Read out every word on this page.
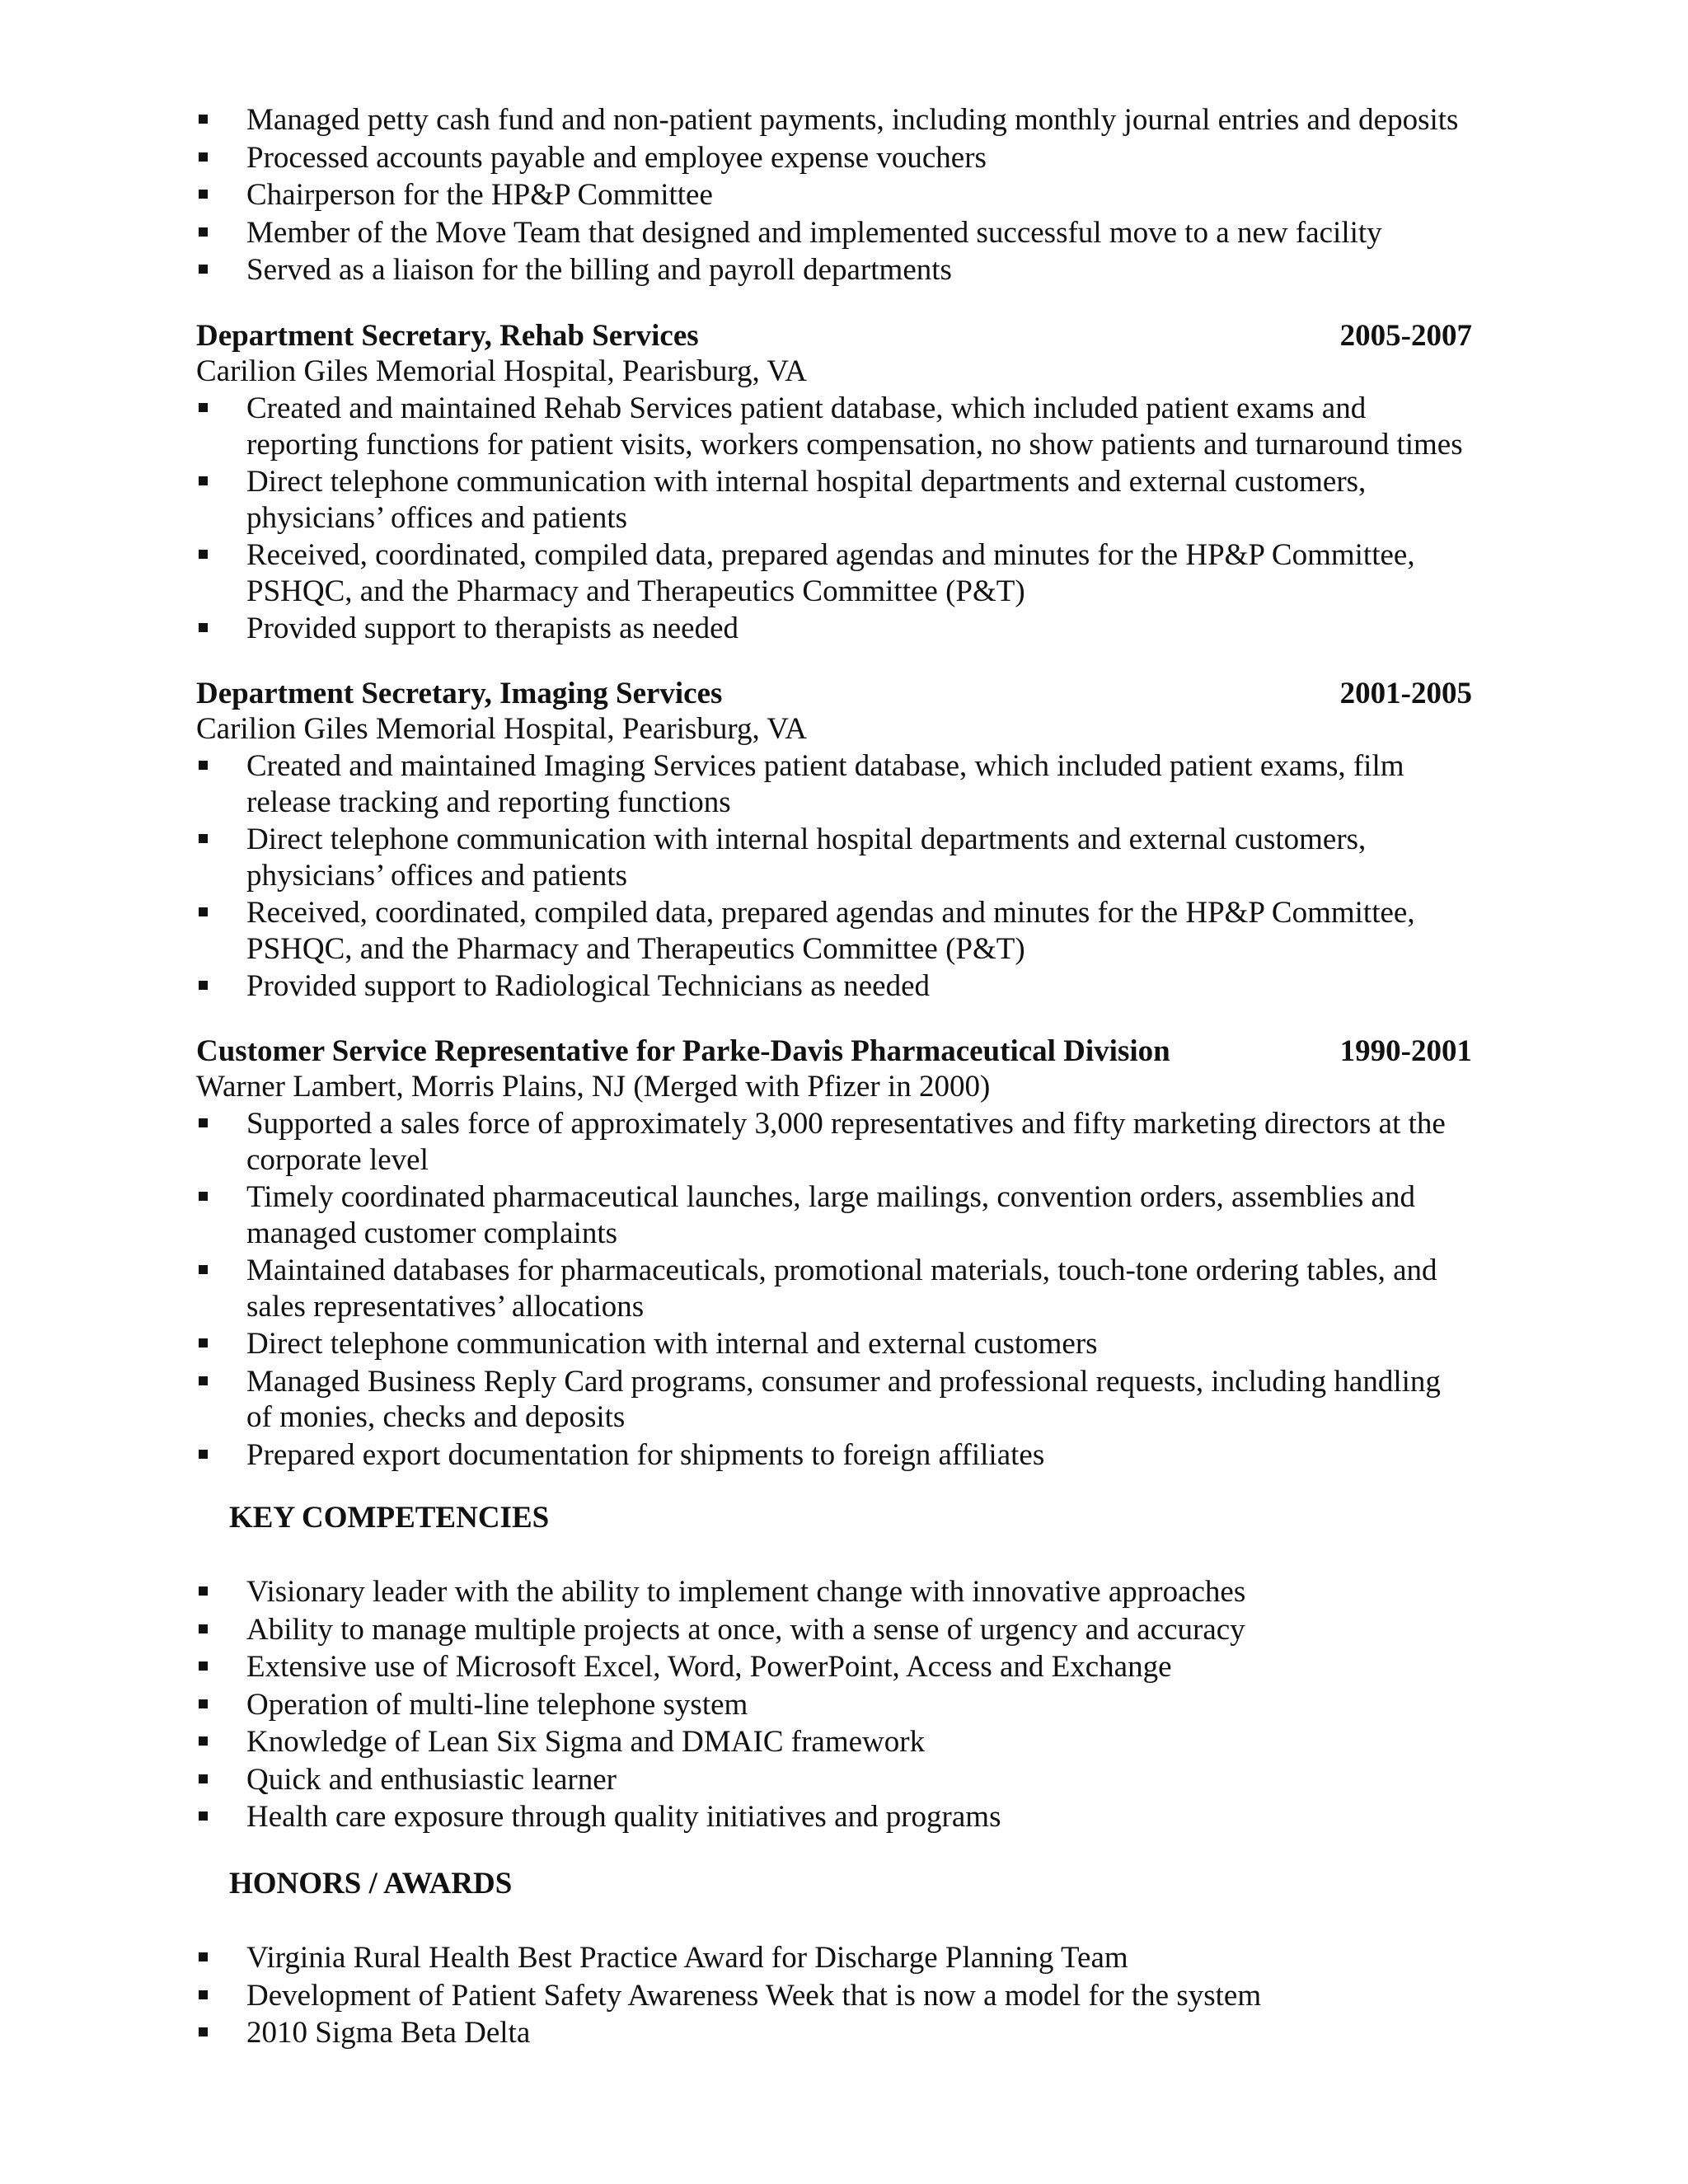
Managed petty cash fund and non-patient payments, including monthly journal entries and deposits
Processed accounts payable and employee expense vouchers
Chairperson for the HP&P Committee
Member of the Move Team that designed and implemented successful move to a new facility
Served as a liaison for the billing and payroll departments
Department Secretary, Rehab Services	2005-2007
Carilion Giles Memorial Hospital, Pearisburg, VA
Created and maintained Rehab Services patient database, which included patient exams and reporting functions for patient visits, workers compensation, no show patients and turnaround times
Direct telephone communication with internal hospital departments and external customers, physicians’ offices and patients
Received, coordinated, compiled data, prepared agendas and minutes for the HP&P Committee, PSHQC, and the Pharmacy and Therapeutics Committee (P&T)
Provided support to therapists as needed
Department Secretary, Imaging Services	2001-2005
Carilion Giles Memorial Hospital, Pearisburg, VA
Created and maintained Imaging Services patient database, which included patient exams, film release tracking and reporting functions
Direct telephone communication with internal hospital departments and external customers, physicians’ offices and patients
Received, coordinated, compiled data, prepared agendas and minutes for the HP&P Committee, PSHQC, and the Pharmacy and Therapeutics Committee (P&T)
Provided support to Radiological Technicians as needed
Customer Service Representative for Parke-Davis Pharmaceutical Division	1990-2001
Warner Lambert, Morris Plains, NJ (Merged with Pfizer in 2000)
Supported a sales force of approximately 3,000 representatives and fifty marketing directors at the corporate level
Timely coordinated pharmaceutical launches, large mailings, convention orders, assemblies and managed customer complaints
Maintained databases for pharmaceuticals, promotional materials, touch-tone ordering tables, and sales representatives’ allocations
Direct telephone communication with internal and external customers
Managed Business Reply Card programs, consumer and professional requests, including handling of monies, checks and deposits
Prepared export documentation for shipments to foreign affiliates
KEY COMPETENCIES
Visionary leader with the ability to implement change with innovative approaches
Ability to manage multiple projects at once, with a sense of urgency and accuracy
Extensive use of Microsoft Excel, Word, PowerPoint, Access and Exchange
Operation of multi-line telephone system
Knowledge of Lean Six Sigma and DMAIC framework
Quick and enthusiastic learner
Health care exposure through quality initiatives and programs
HONORS / AWARDS
Virginia Rural Health Best Practice Award for Discharge Planning Team
Development of Patient Safety Awareness Week that is now a model for the system
2010 Sigma Beta Delta
